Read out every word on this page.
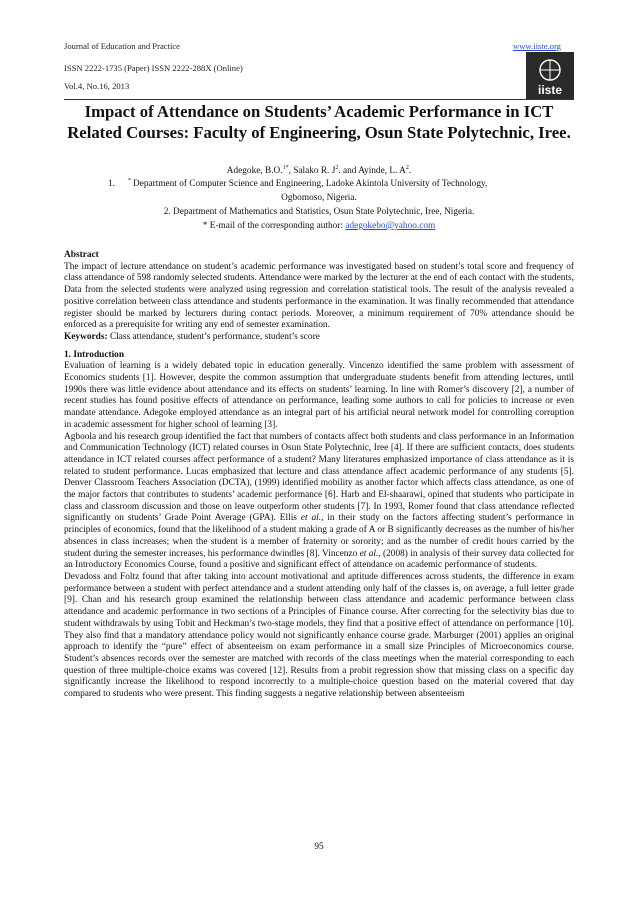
Journal of Education and Practice
ISSN 2222-1735 (Paper) ISSN 2222-288X (Online)
Vol.4, No.16, 2013
www.iiste.org
iiste
Impact of Attendance on Students’ Academic Performance in ICT Related Courses: Faculty of Engineering, Osun State Polytechnic, Iree.
Adegoke, B.O.$^{1*}$, Salako R. $J^2$. and Ayinde, L. $A^2$.
1. * Department of Computer Science and Engineering, Ladoke Akintola University of Technology,
Ogbomoso, Nigeria.
2. Department of Mathematics and Statistics, Osun State Polytechnic, Iree, Nigeria.
* E-mail of the corresponding author: adegokebo@yahoo.com

Abstract

The impact of lecture attendance on student’s academic performance was investigated based on student’s total score and frequency of class attendance of 598 randomly selected students. Attendance were marked by the lecturer at the end of each contact with the students, Data from the selected students were analyzed using regression and correlation statistical tools. The result of the analysis revealed a positive correlation between class attendance and students performance in the examination. It was finally recommended that attendance register should be marked by lecturers during contact periods. Moreover, a minimum requirement of 70% attendance should be enforced as a prerequisite for writing any end of semester examination.

Keywords: Class attendance, student’s performance, student’s score

1. Introduction

Evaluation of learning is a widely debated topic in education generally. Vincenzo identified the same problem with assessment of Economics students [1]. However, despite the common assumption that undergraduate students benefit from attending lectures, until 1990s there was little evidence about attendance and its effects on students’ learning. In line with Romer’s discovery [2], a number of recent studies has found positive effects of attendance on performance, leading some authors to call for policies to increase or even mandate attendance. Adegoke employed attendance as an integral part of his artificial neural network model for controlling corruption in academic assessment for higher school of learning [3].

Agboola and his research group identified the fact that numbers of contacts affect both students and class performance in an Information and Communication Technology (ICT) related courses in Osun State Polytechnic, Iree [4]. If there are sufficient contacts, does students attendance in ICT related courses affect performance of a student? Many literatures emphasized importance of class attendance as it is related to student performance. Lucas emphasized that lecture and class attendance affect academic performance of any students [5]. Denver Classroom Teachers Association (DCTA), (1999) identified mobility as another factor which affects class attendance, as one of the major factors that contributes to students’ academic performance [6]. Harb and El-shaarawi, opined that students who participate in class and classroom discussion and those on leave outperform other students [7]. In 1993, Romer found that class attendance reflected significantly on students’ Grade Point Average (GPA). Ellis et al., in their study on the factors affecting student’s performance in principles of economics, found that the likelihood of a student making a grade of A or B significantly decreases as the number of his/her absences in class increases; when the student is a member of fraternity or sorority; and as the number of credit hours carried by the student during the semester increases, his performance dwindles [8]. Vincenzo et al., (2008) in analysis of their survey data collected for an Introductory Economics Course, found a positive and significant effect of attendance on academic performance of students.

Devadoss and Foltz found that after taking into account motivational and aptitude differences across students, the difference in exam performance between a student with perfect attendance and a student attending only half of the classes is, on average, a full letter grade [9]. Chan and his research group examined the relationship between class attendance and academic performance between class attendance and academic performance in two sections of a Principles of Finance course. After correcting for the selectivity bias due to student withdrawals by using Tobit and Heckman’s two-stage models, they find that a positive effect of attendance on performance [10]. They also find that a mandatory attendance policy would not significantly enhance course grade. Marburger (2001) applies an original approach to identify the “pure” effect of absenteeism on exam performance in a small size Principles of Microeconomics course. Student’s absences records over the semester are matched with records of the class meetings when the material corresponding to each question of three multiple-choice exams was covered [12]. Results from a probit regression show that missing class on a specific day significantly increase the likelihood to respond incorrectly to a multiple-choice question based on the material covered that day compared to students who were present. This finding suggests a negative relationship between absenteeism

95
